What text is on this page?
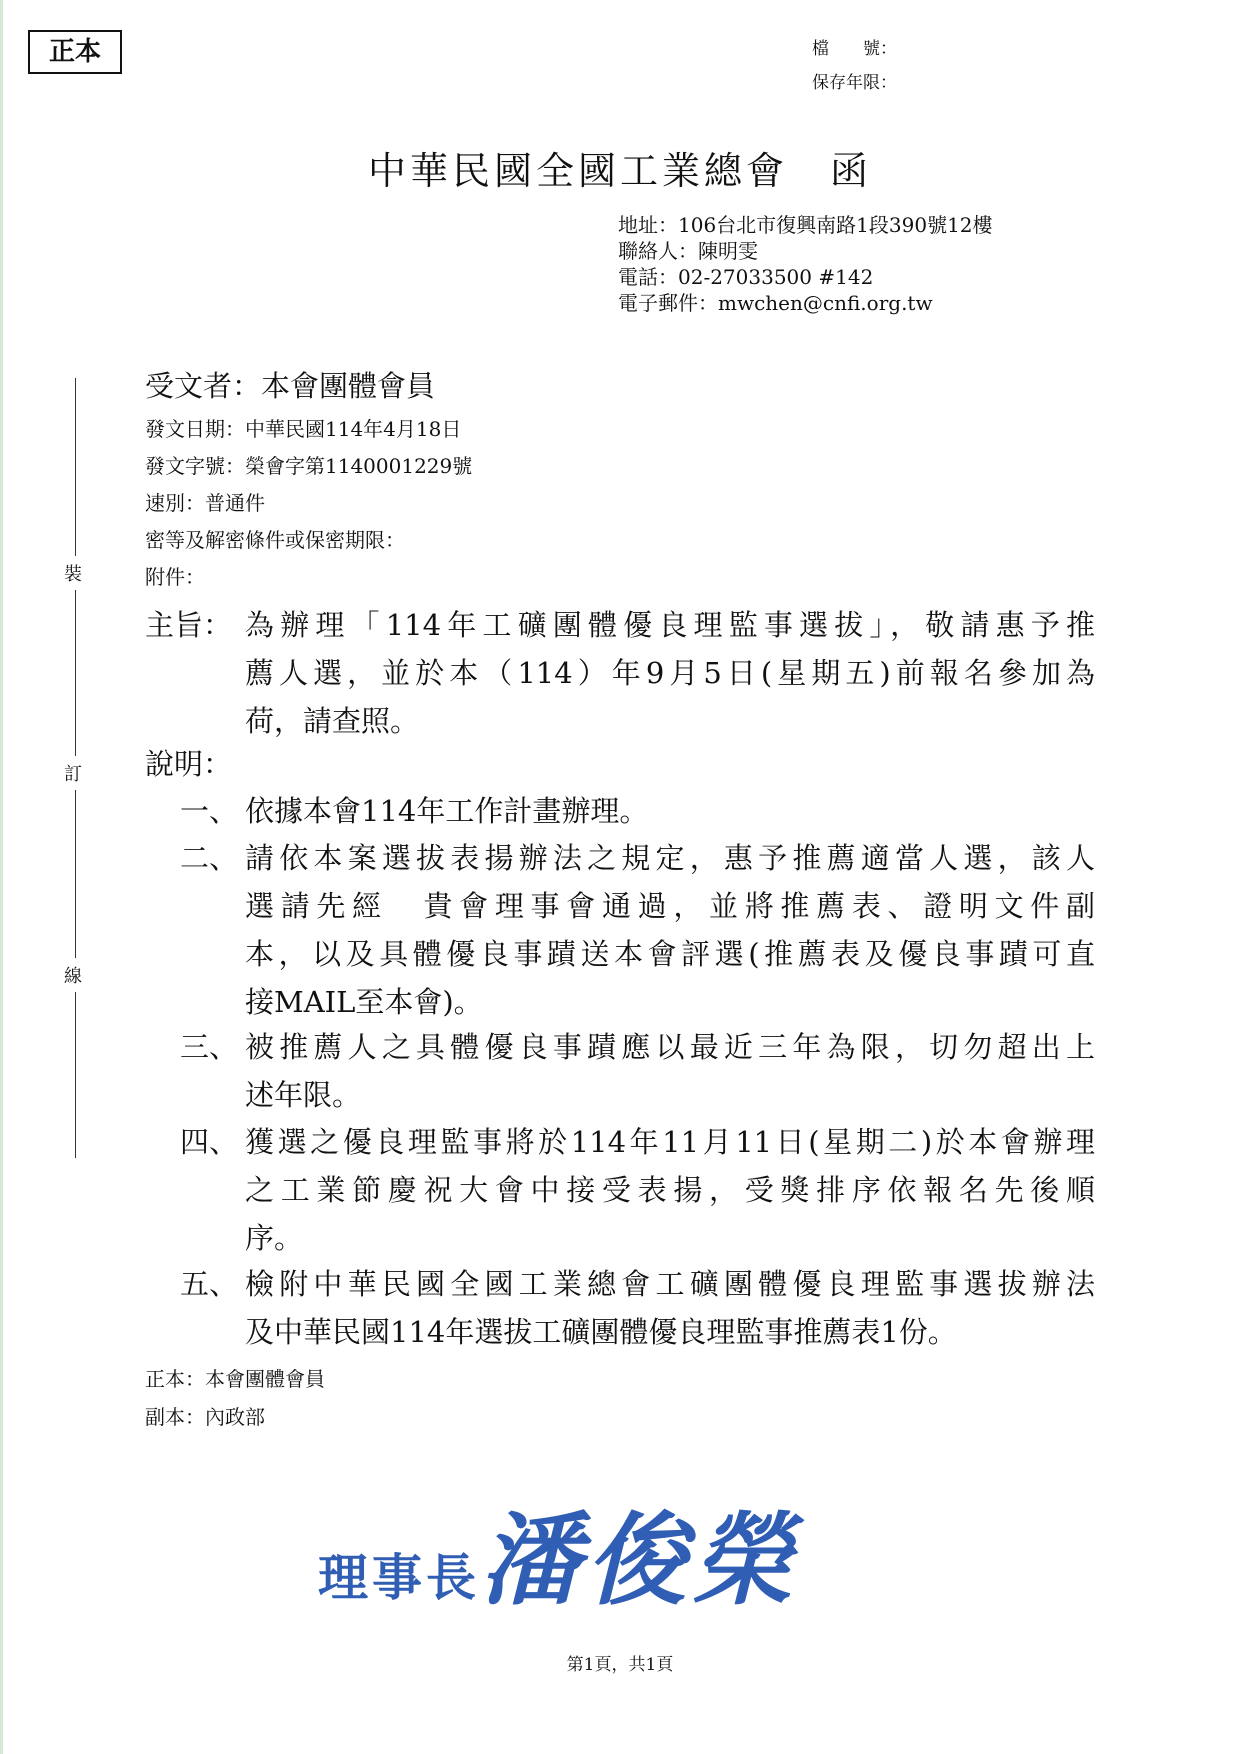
正本	檔　　號：
保存年限：
中華民國全國工業總會　函
地址：106台北市復興南路1段390號12樓
聯絡人：陳明雯
電話：02-27033500 #142
電子郵件：mwchen@cnfi.org.tw
裝
訂
線
受文者：本會團體會員
發文日期：中華民國114年4月18日
發文字號：榮會字第1140001229號
速別：普通件
密等及解密條件或保密期限：
附件：
主旨： 為辦理「114年工礦團體優良理監事選拔」，敬請惠予推
薦人選，並於本（114）年9月5日(星期五)前報名參加為
荷，請查照。
說明：
一、 依據本會114年工作計畫辦理。
二、 請依本案選拔表揚辦法之規定，惠予推薦適當人選，該人
選請先經　貴會理事會通過，並將推薦表、證明文件副
本，以及具體優良事蹟送本會評選(推薦表及優良事蹟可直
接MAIL至本會)。
三、 被推薦人之具體優良事蹟應以最近三年為限，切勿超出上
述年限。
四、 獲選之優良理監事將於114年11月11日(星期二)於本會辦理
之工業節慶祝大會中接受表揚，受獎排序依報名先後順
序。
五、 檢附中華民國全國工業總會工礦團體優良理監事選拔辦法
及中華民國114年選拔工礦團體優良理監事推薦表1份。
正本：本會團體會員
副本：內政部
理事長潘俊榮
第1頁，共1頁
